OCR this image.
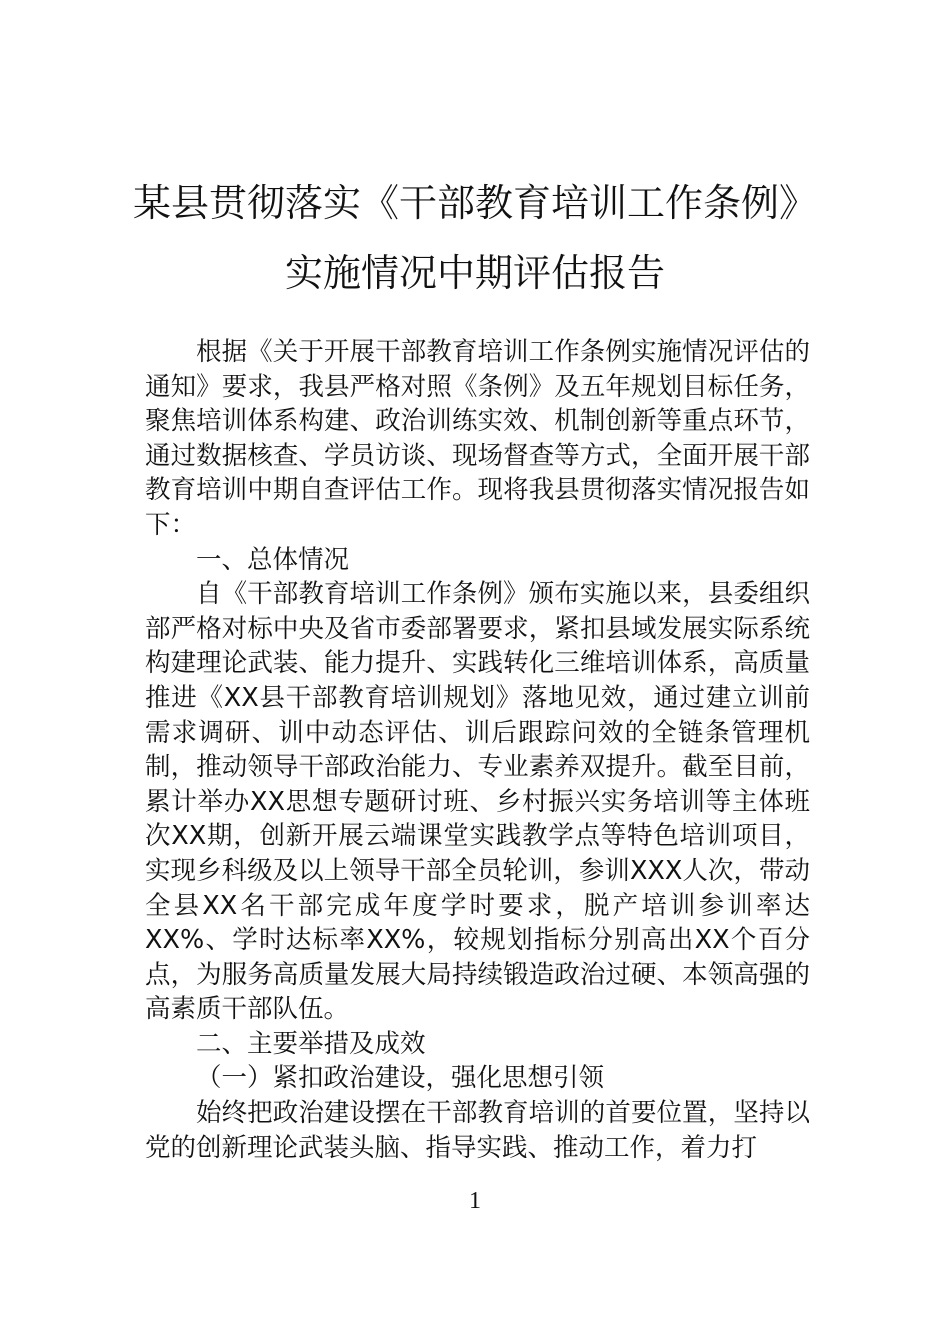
某县贯彻落实《干部教育培训工作条例》
实施情况中期评估报告

根据《关于开展干部教育培训工作条例实施情况评估的通知》要求，我县严格对照《条例》及五年规划目标任务，聚焦培训体系构建、政治训练实效、机制创新等重点环节，通过数据核查、学员访谈、现场督查等方式，全面开展干部教育培训中期自查评估工作。现将我县贯彻落实情况报告如下：

一、总体情况

自《干部教育培训工作条例》颁布实施以来，县委组织部严格对标中央及省市委部署要求，紧扣县域发展实际系统构建理论武装、能力提升、实践转化三维培训体系，高质量推进《XX县干部教育培训规划》落地见效，通过建立训前需求调研、训中动态评估、训后跟踪问效的全链条管理机制，推动领导干部政治能力、专业素养双提升。截至目前，累计举办XX思想专题研讨班、乡村振兴实务培训等主体班次XX期，创新开展云端课堂实践教学点等特色培训项目，实现乡科级及以上领导干部全员轮训，参训XXX人次，带动全县XX名干部完成年度学时要求，脱产培训参训率达XX%、学时达标率XX%，较规划指标分别高出XX个百分点，为服务高质量发展大局持续锻造政治过硬、本领高强的高素质干部队伍。

二、主要举措及成效

（一）紧扣政治建设，强化思想引领

始终把政治建设摆在干部教育培训的首要位置，坚持以党的创新理论武装头脑、指导实践、推动工作，着力打

1
